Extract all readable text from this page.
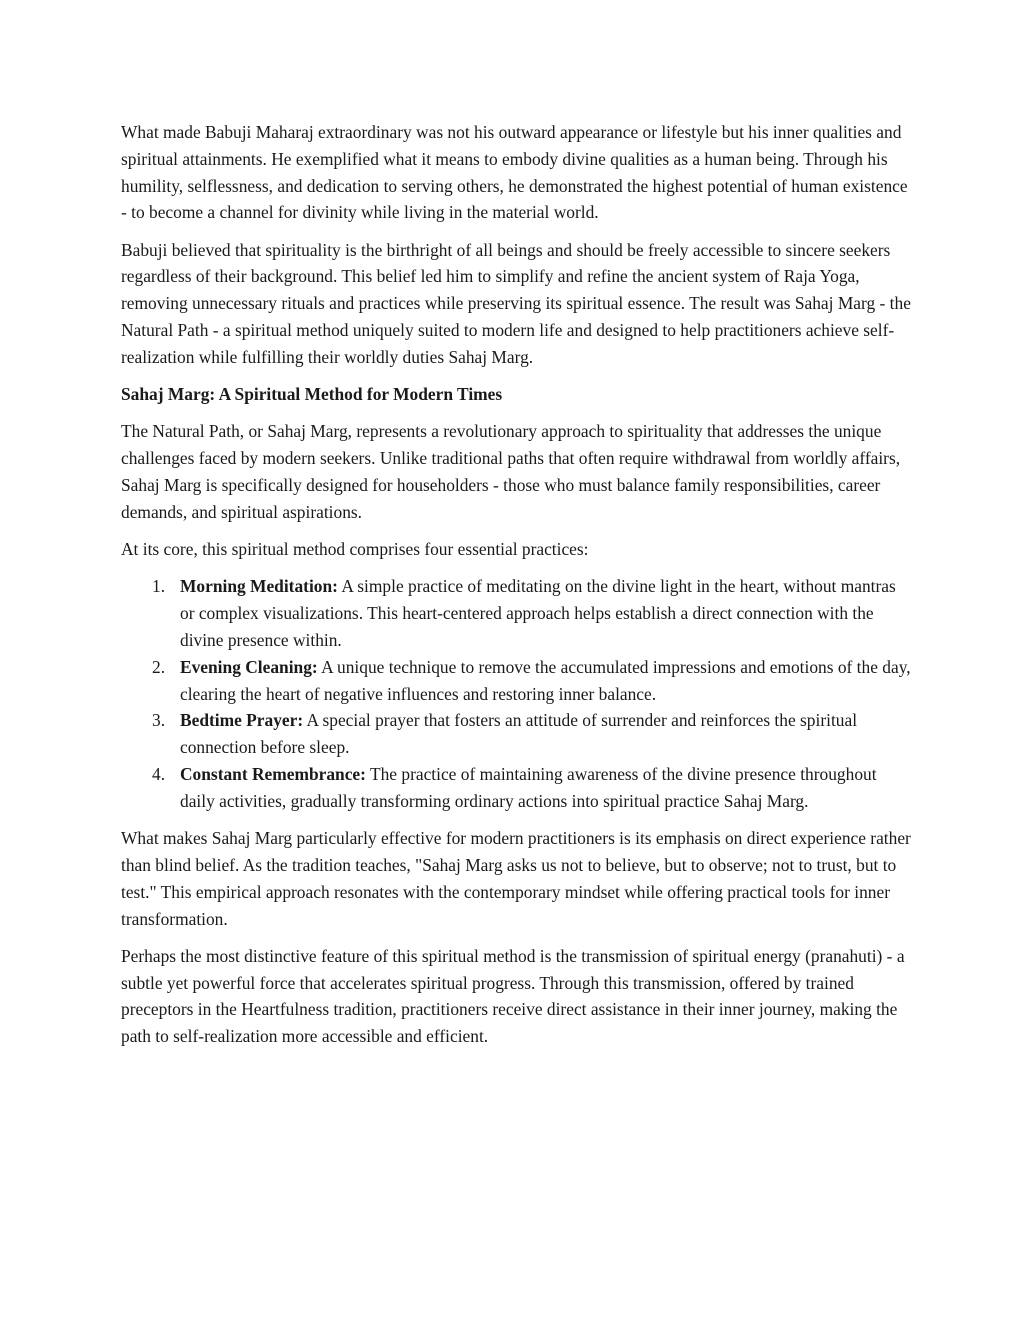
What made Babuji Maharaj extraordinary was not his outward appearance or lifestyle but his inner qualities and spiritual attainments. He exemplified what it means to embody divine qualities as a human being. Through his humility, selflessness, and dedication to serving others, he demonstrated the highest potential of human existence - to become a channel for divinity while living in the material world.

Babuji believed that spirituality is the birthright of all beings and should be freely accessible to sincere seekers regardless of their background. This belief led him to simplify and refine the ancient system of Raja Yoga, removing unnecessary rituals and practices while preserving its spiritual essence. The result was Sahaj Marg - the Natural Path - a spiritual method uniquely suited to modern life and designed to help practitioners achieve self-realization while fulfilling their worldly duties Sahaj Marg.

Sahaj Marg: A Spiritual Method for Modern Times

The Natural Path, or Sahaj Marg, represents a revolutionary approach to spirituality that addresses the unique challenges faced by modern seekers. Unlike traditional paths that often require withdrawal from worldly affairs, Sahaj Marg is specifically designed for householders - those who must balance family responsibilities, career demands, and spiritual aspirations.

At its core, this spiritual method comprises four essential practices:

1. Morning Meditation: A simple practice of meditating on the divine light in the heart, without mantras or complex visualizations. This heart-centered approach helps establish a direct connection with the divine presence within.
2. Evening Cleaning: A unique technique to remove the accumulated impressions and emotions of the day, clearing the heart of negative influences and restoring inner balance.
3. Bedtime Prayer: A special prayer that fosters an attitude of surrender and reinforces the spiritual connection before sleep.
4. Constant Remembrance: The practice of maintaining awareness of the divine presence throughout daily activities, gradually transforming ordinary actions into spiritual practice Sahaj Marg.

What makes Sahaj Marg particularly effective for modern practitioners is its emphasis on direct experience rather than blind belief. As the tradition teaches, "Sahaj Marg asks us not to believe, but to observe; not to trust, but to test." This empirical approach resonates with the contemporary mindset while offering practical tools for inner transformation.

Perhaps the most distinctive feature of this spiritual method is the transmission of spiritual energy (pranahuti) - a subtle yet powerful force that accelerates spiritual progress. Through this transmission, offered by trained preceptors in the Heartfulness tradition, practitioners receive direct assistance in their inner journey, making the path to self-realization more accessible and efficient.
